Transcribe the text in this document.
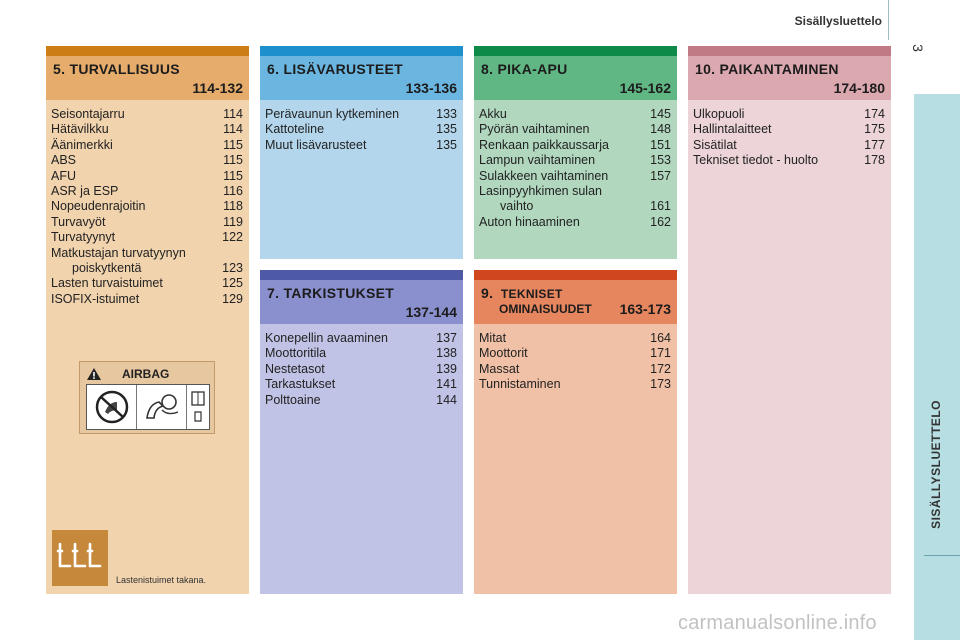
Sisällysluettelo
3
SISÄLLYSLUETTELO
5. TURVALLISUUS
114-132
Seisontajarru	114
Hätävilkku	114
Äänimerkki	115
ABS	115
AFU	115
ASR ja ESP	116
Nopeudenrajoitin	118
Turvavyöt	119
Turvatyynyt	122
Matkustajan turvatyynyn
poiskytkentä	123
Lasten turvaistuimet	125
ISOFIX-istuimet	129
AIRBAG
Lastenistuimet takana.
6. LISÄVARUSTEET
133-136
Perävaunun kytkeminen	133
Kattoteline	135
Muut lisävarusteet	135
7. TARKISTUKSET
137-144
Konepellin avaaminen	137
Moottoritila	138
Nestetasot	139
Tarkastukset	141
Polttoaine	144
8. PIKA-APU
145-162
Akku	145
Pyörän vaihtaminen	148
Renkaan paikkaussarja	151
Lampun vaihtaminen	153
Sulakkeen vaihtaminen	157
Lasinpyyhkimen sulan
vaihto	161
Auton hinaaminen	162
9. TEKNISET
OMINAISUUDET 163-173
Mitat	164
Moottorit	171
Massat	172
Tunnistaminen	173
10. PAIKANTAMINEN
174-180
Ulkopuoli	174
Hallintalaitteet	175
Sisätilat	177
Tekniset tiedot - huolto	178
carmanualsonline.info
